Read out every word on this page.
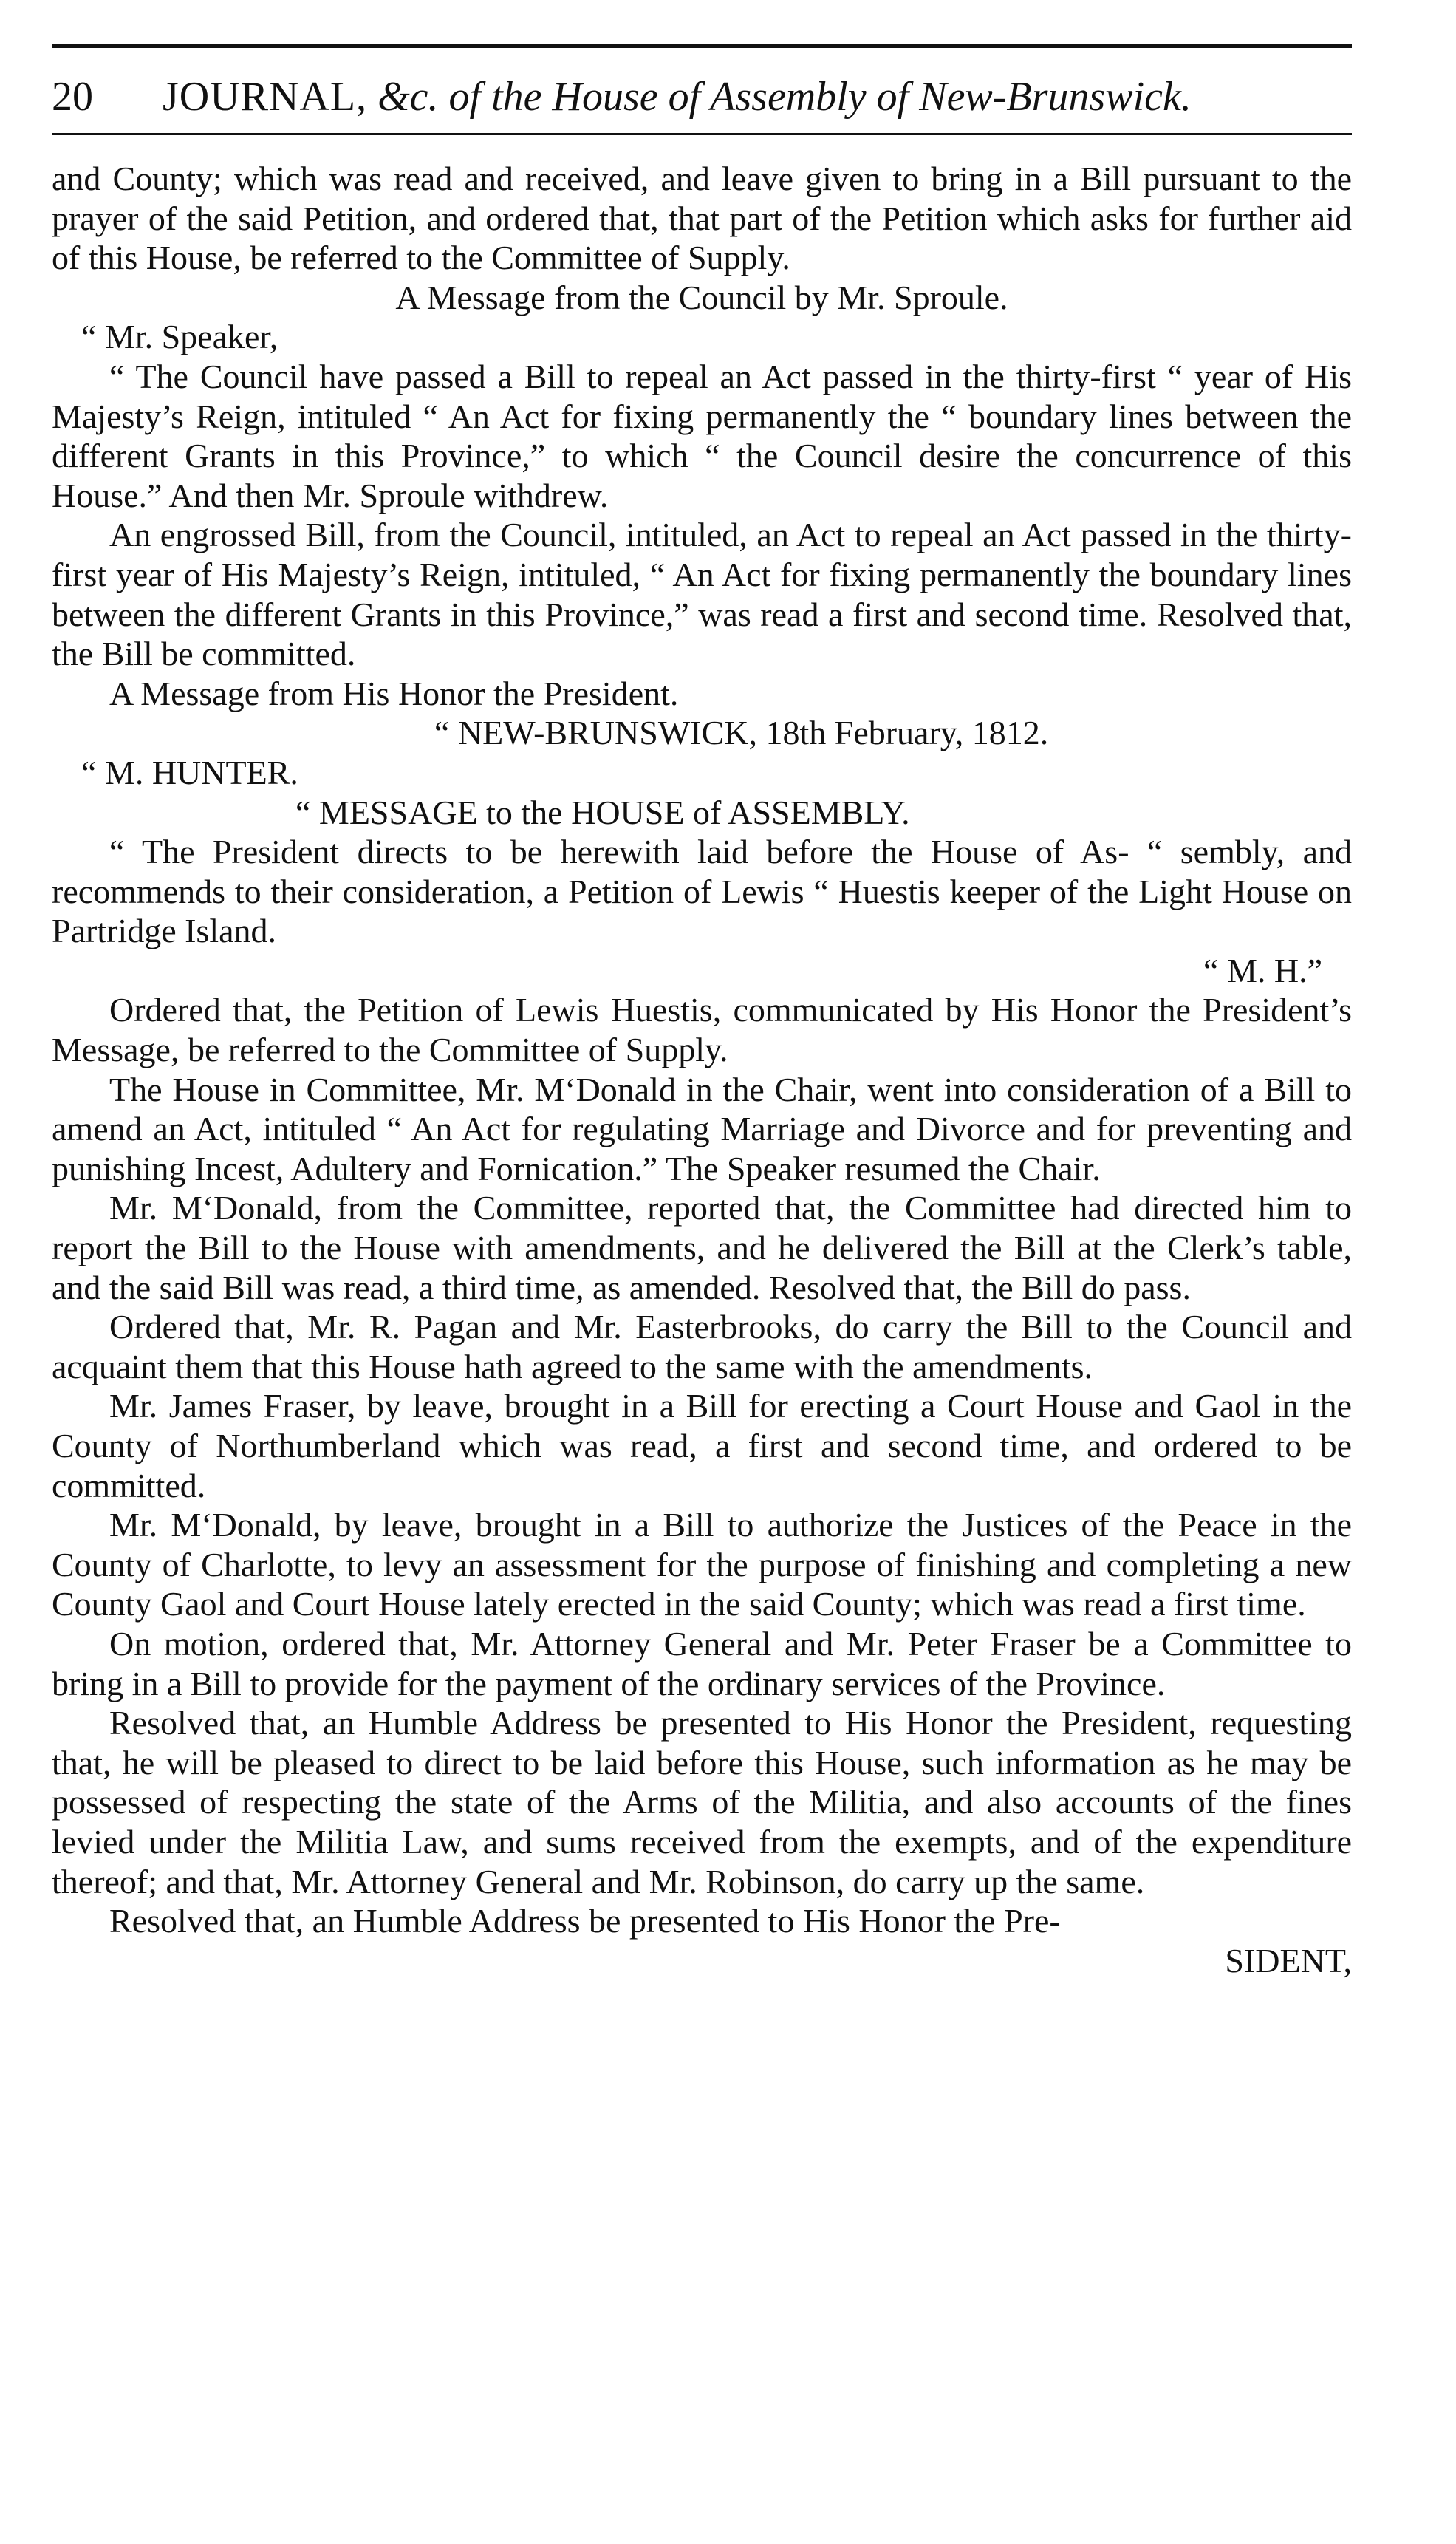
20 JOURNAL, &c. of the House of Assembly of New-Brunswick.

and County; which was read and received, and leave given to bring in a Bill pursuant to the prayer of the said Petition, and ordered that, that part of the Petition which asks for further aid of this House, be referred to the Committee of Supply.

A Message from the Council by Mr. Sproule.

“ Mr. Speaker,

“ The Council have passed a Bill to repeal an Act passed in the thirty-first “ year of His Majesty’s Reign, intituled “ An Act for fixing permanently the “ boundary lines between the different Grants in this Province,” to which “ the Council desire the concurrence of this House.” And then Mr. Sproule withdrew.

An engrossed Bill, from the Council, intituled, an Act to repeal an Act passed in the thirty-first year of His Majesty’s Reign, intituled, “ An Act for fixing permanently the boundary lines between the different Grants in this Province,” was read a first and second time. Resolved that, the Bill be committed.

A Message from His Honor the President.

“ NEW-BRUNSWICK, 18th February, 1812.

“ M. HUNTER.

“ MESSAGE to the HOUSE of ASSEMBLY.

“ The President directs to be herewith laid before the House of As- “ sembly, and recommends to their consideration, a Petition of Lewis “ Huestis keeper of the Light House on Partridge Island.

“ M. H.”

Ordered that, the Petition of Lewis Huestis, communicated by His Honor the President’s Message, be referred to the Committee of Supply.

The House in Committee, Mr. M‘Donald in the Chair, went into consideration of a Bill to amend an Act, intituled “ An Act for regulating Marriage and Divorce and for preventing and punishing Incest, Adultery and Fornication.” The Speaker resumed the Chair.

Mr. M‘Donald, from the Committee, reported that, the Committee had directed him to report the Bill to the House with amendments, and he delivered the Bill at the Clerk’s table, and the said Bill was read, a third time, as amended. Resolved that, the Bill do pass.

Ordered that, Mr. R. Pagan and Mr. Easterbrooks, do carry the Bill to the Council and acquaint them that this House hath agreed to the same with the amendments.

Mr. James Fraser, by leave, brought in a Bill for erecting a Court House and Gaol in the County of Northumberland which was read, a first and second time, and ordered to be committed.

Mr. M‘Donald, by leave, brought in a Bill to authorize the Justices of the Peace in the County of Charlotte, to levy an assessment for the purpose of finishing and completing a new County Gaol and Court House lately erected in the said County; which was read a first time.

On motion, ordered that, Mr. Attorney General and Mr. Peter Fraser be a Committee to bring in a Bill to provide for the payment of the ordinary services of the Province.

Resolved that, an Humble Address be presented to His Honor the President, requesting that, he will be pleased to direct to be laid before this House, such information as he may be possessed of respecting the state of the Arms of the Militia, and also accounts of the fines levied under the Militia Law, and sums received from the exempts, and of the expenditure thereof; and that, Mr. Attorney General and Mr. Robinson, do carry up the same.

Resolved that, an Humble Address be presented to His Honor the Pre-

SIDENT,
